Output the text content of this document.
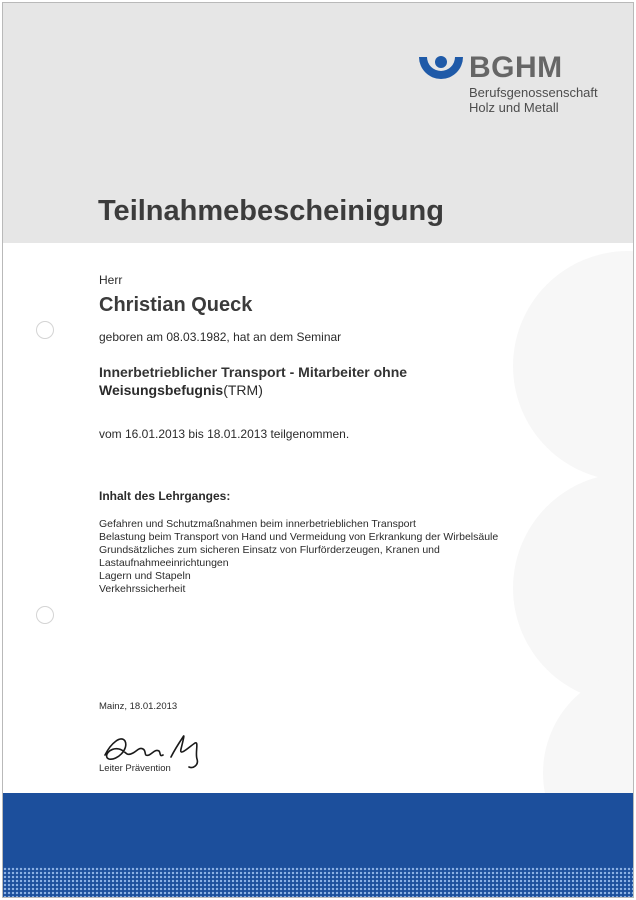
BGHM
Berufsgenossenschaft
Holz und Metall
Teilnahmebescheinigung
Herr
Christian Queck
geboren am 08.03.1982, hat an dem Seminar
Innerbetrieblicher Transport - Mitarbeiter ohne
Weisungsbefugnis(TRM)
vom 16.01.2013 bis 18.01.2013 teilgenommen.
Inhalt des Lehrganges:
Gefahren und Schutzmaßnahmen beim innerbetrieblichen Transport
Belastung beim Transport von Hand und Vermeidung von Erkrankung der Wirbelsäule
Grundsätzliches zum sicheren Einsatz von Flurförderzeugen, Kranen und Lastaufnahmeeinrichtungen
Lagern und Stapeln
Verkehrssicherheit
Mainz, 18.01.2013
Leiter Prävention
